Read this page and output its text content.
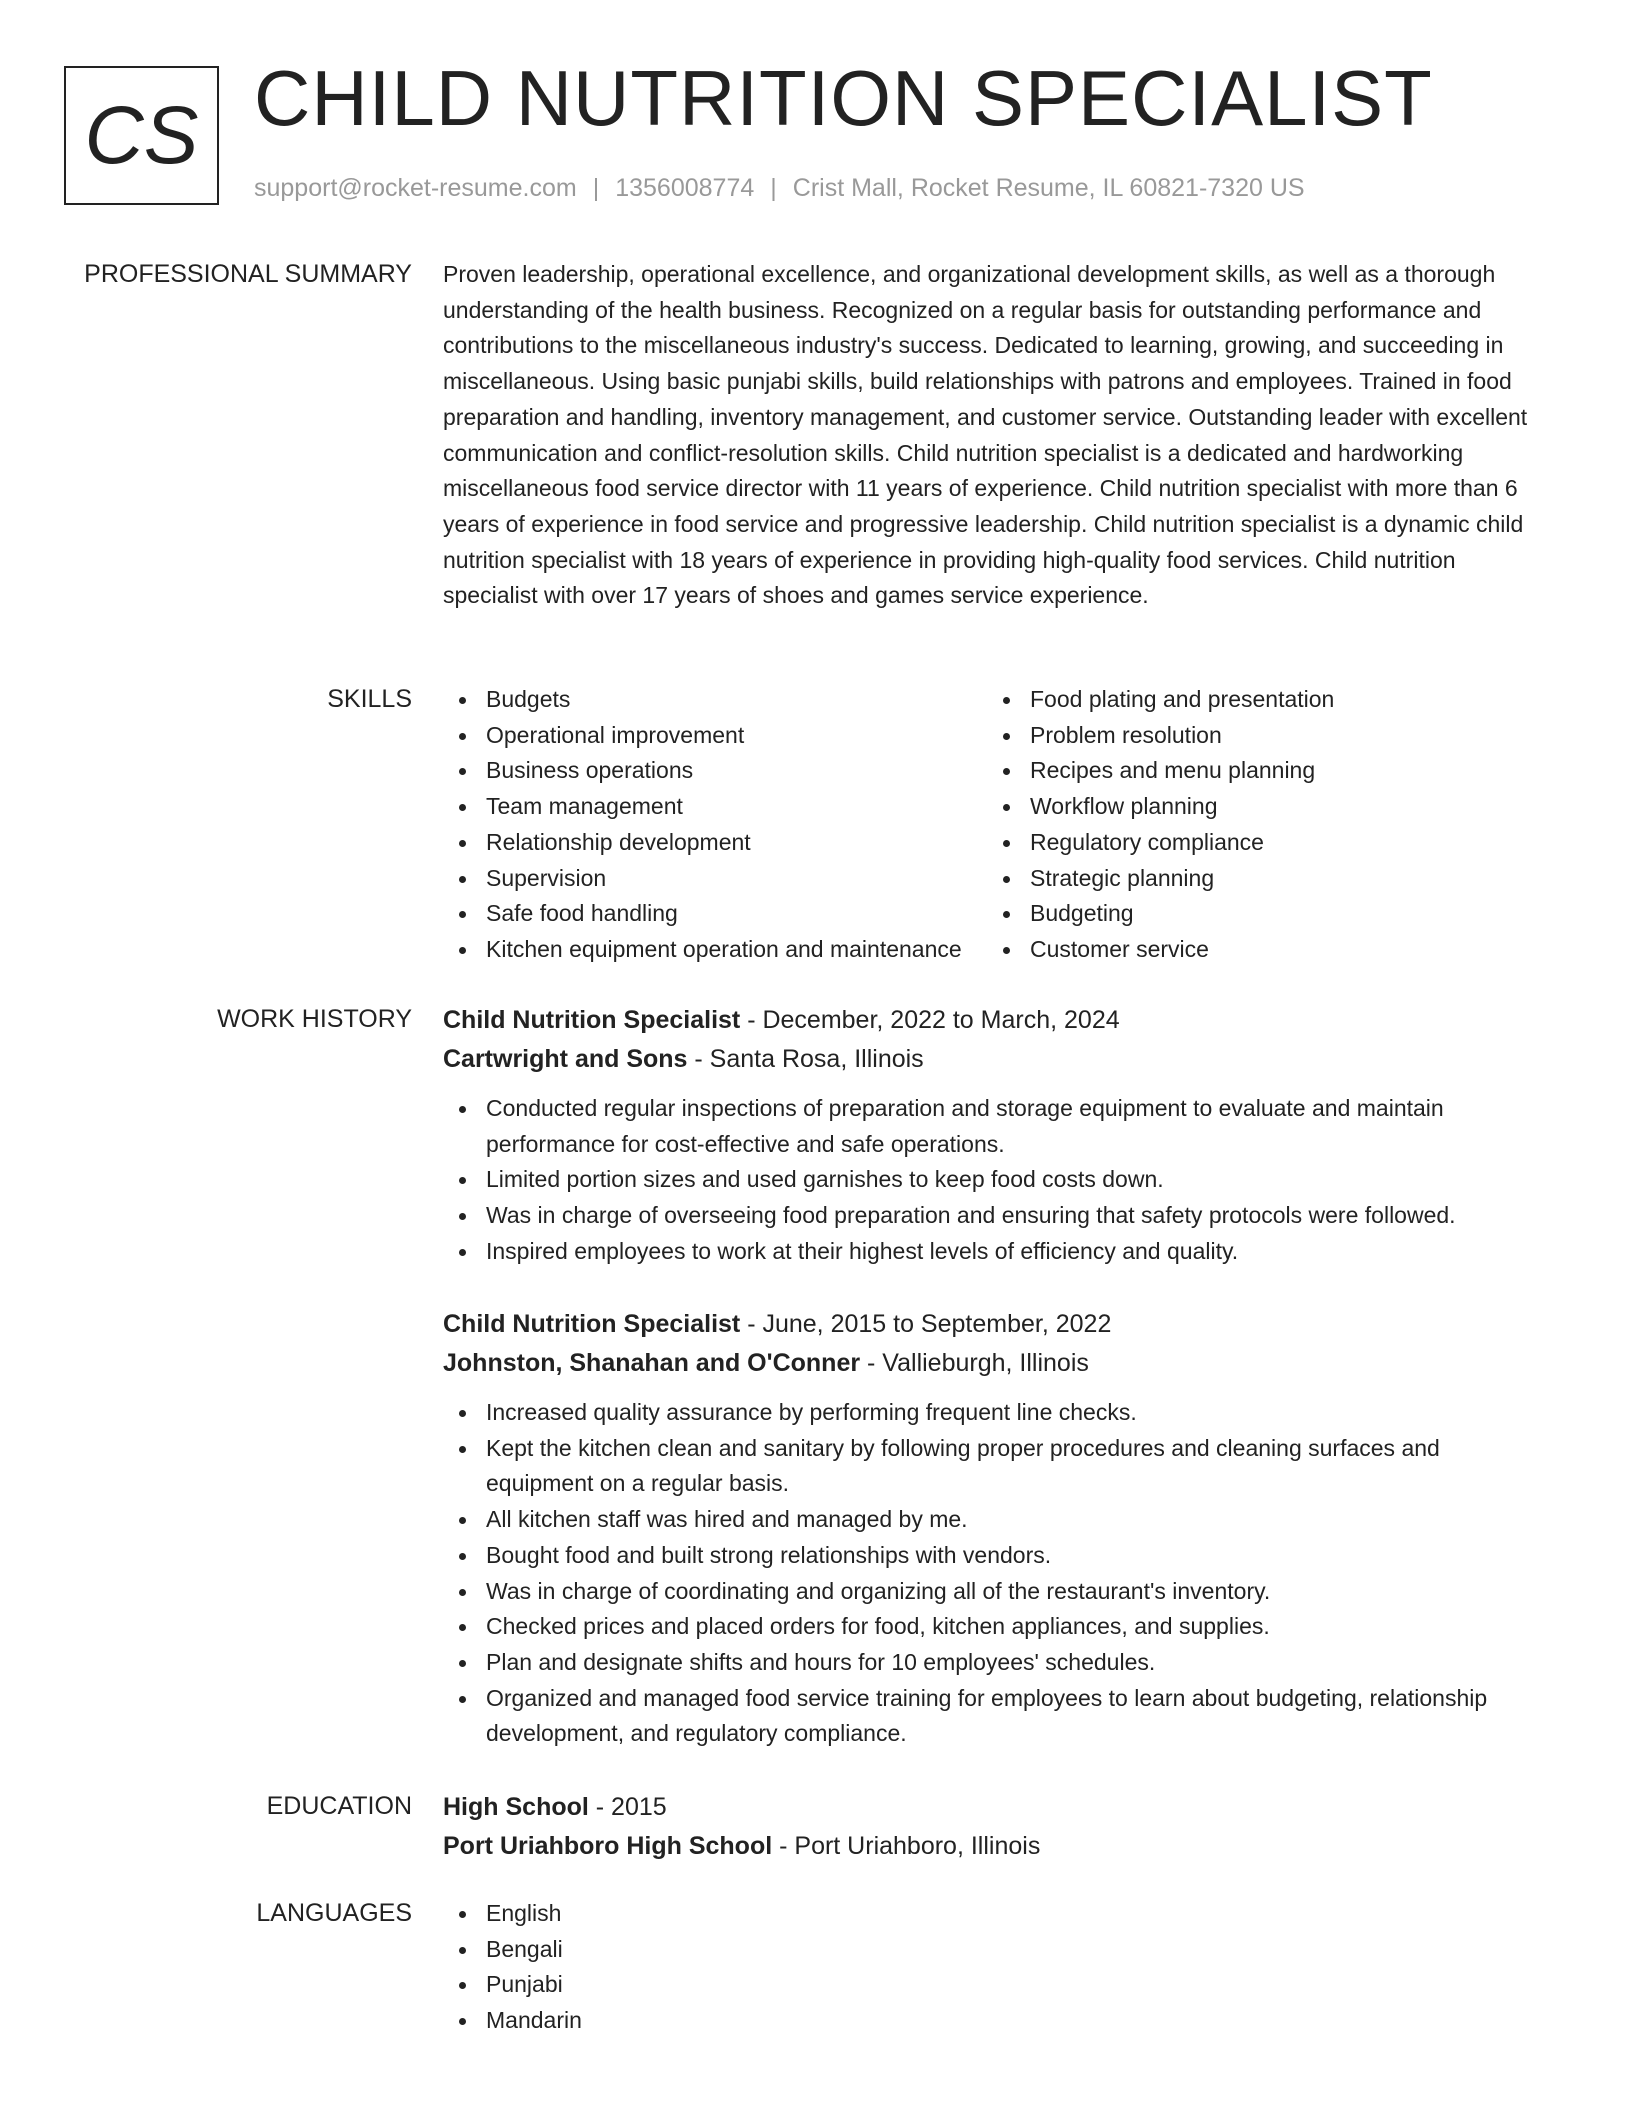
CS CHILD NUTRITION SPECIALIST
support@rocket-resume.com | 1356008774 | Crist Mall, Rocket Resume, IL 60821-7320 US
PROFESSIONAL SUMMARY Proven leadership, operational excellence, and organizational development skills, as well as a thorough understanding of the health business. Recognized on a regular basis for outstanding performance and contributions to the miscellaneous industry's success. Dedicated to learning, growing, and succeeding in miscellaneous. Using basic punjabi skills, build relationships with patrons and employees. Trained in food preparation and handling, inventory management, and customer service. Outstanding leader with excellent communication and conflict-resolution skills. Child nutrition specialist is a dedicated and hardworking miscellaneous food service director with 11 years of experience. Child nutrition specialist with more than 6 years of experience in food service and progressive leadership. Child nutrition specialist is a dynamic child nutrition specialist with 18 years of experience in providing high-quality food services. Child nutrition specialist with over 17 years of shoes and games service experience.

SKILLS	Budgets
Operational improvement
Business operations
Team management
Relationship development
Supervision
Safe food handling
Kitchen equipment operation and maintenance
Food plating and presentation
Problem resolution
Recipes and menu planning
Workflow planning
Regulatory compliance
Strategic planning
Budgeting
Customer service
WORK HISTORY Child Nutrition Specialist - December, 2022 to March, 2024
Cartwright and Sons - Santa Rosa, Illinois
Conducted regular inspections of preparation and storage equipment to evaluate and maintain performance for cost-effective and safe operations.
Limited portion sizes and used garnishes to keep food costs down.
Was in charge of overseeing food preparation and ensuring that safety protocols were followed.
Inspired employees to work at their highest levels of efficiency and quality.
Child Nutrition Specialist - June, 2015 to September, 2022
Johnston, Shanahan and O'Conner - Vallieburgh, Illinois
Increased quality assurance by performing frequent line checks.
Kept the kitchen clean and sanitary by following proper procedures and cleaning surfaces and equipment on a regular basis.
All kitchen staff was hired and managed by me.
Bought food and built strong relationships with vendors.
Was in charge of coordinating and organizing all of the restaurant's inventory.
Checked prices and placed orders for food, kitchen appliances, and supplies.
Plan and designate shifts and hours for 10 employees' schedules.
Organized and managed food service training for employees to learn about budgeting, relationship development, and regulatory compliance.
EDUCATION High School - 2015
Port Uriahboro High School - Port Uriahboro, Illinois
LANGUAGES	English
Bengali
Punjabi
Mandarin
